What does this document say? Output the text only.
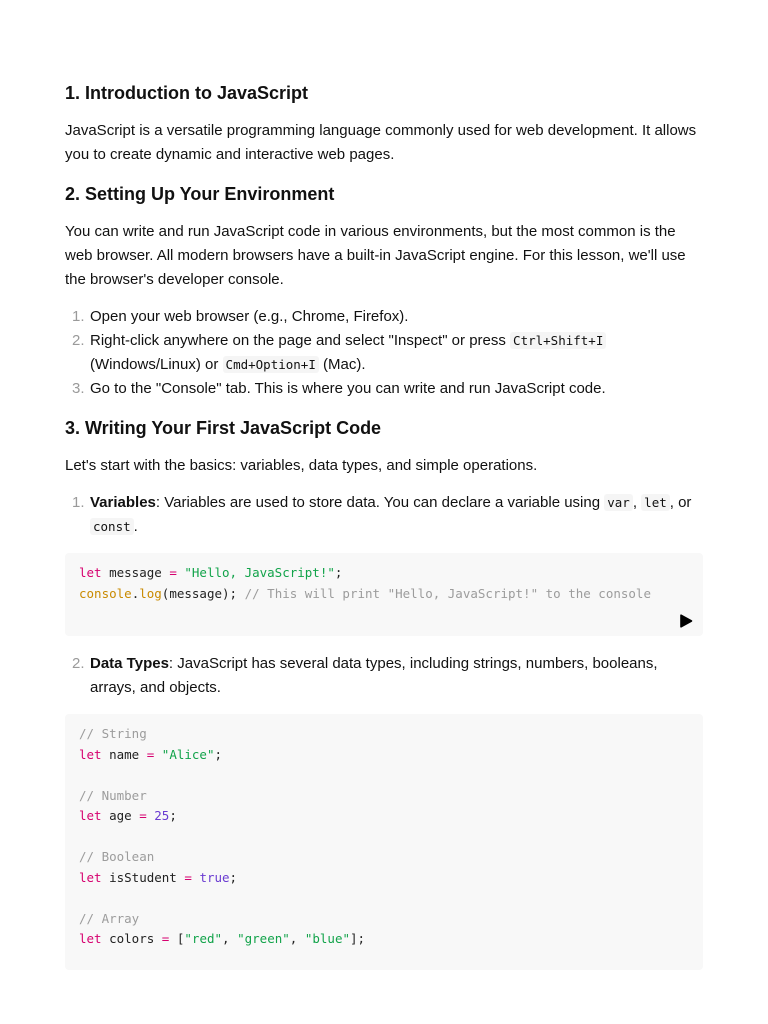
1. Introduction to JavaScript

JavaScript is a versatile programming language commonly used for web development. It allows you to create dynamic and interactive web pages.

2. Setting Up Your Environment

You can write and run JavaScript code in various environments, but the most common is the web browser. All modern browsers have a built-in JavaScript engine. For this lesson, we'll use the browser's developer console.

1. Open your web browser (e.g., Chrome, Firefox).
2. Right-click anywhere on the page and select "Inspect" or press Ctrl+Shift+I (Windows/Linux) or Cmd+Option+I (Mac).
3. Go to the "Console" tab. This is where you can write and run JavaScript code.
3. Writing Your First JavaScript Code

Let's start with the basics: variables, data types, and simple operations.

1. Variables: Variables are used to store data. You can declare a variable using var , let , or const .
let message = "Hello, JavaScript!";
console.log(message); // This will print "Hello, JavaScript!" to the console
2. Data Types: JavaScript has several data types, including strings, numbers, booleans, arrays, and objects.
// String
let name = "Alice";

// Number
let age = 25;

// Boolean
let isStudent = true;

// Array
let colors = ["red", "green", "blue"];
